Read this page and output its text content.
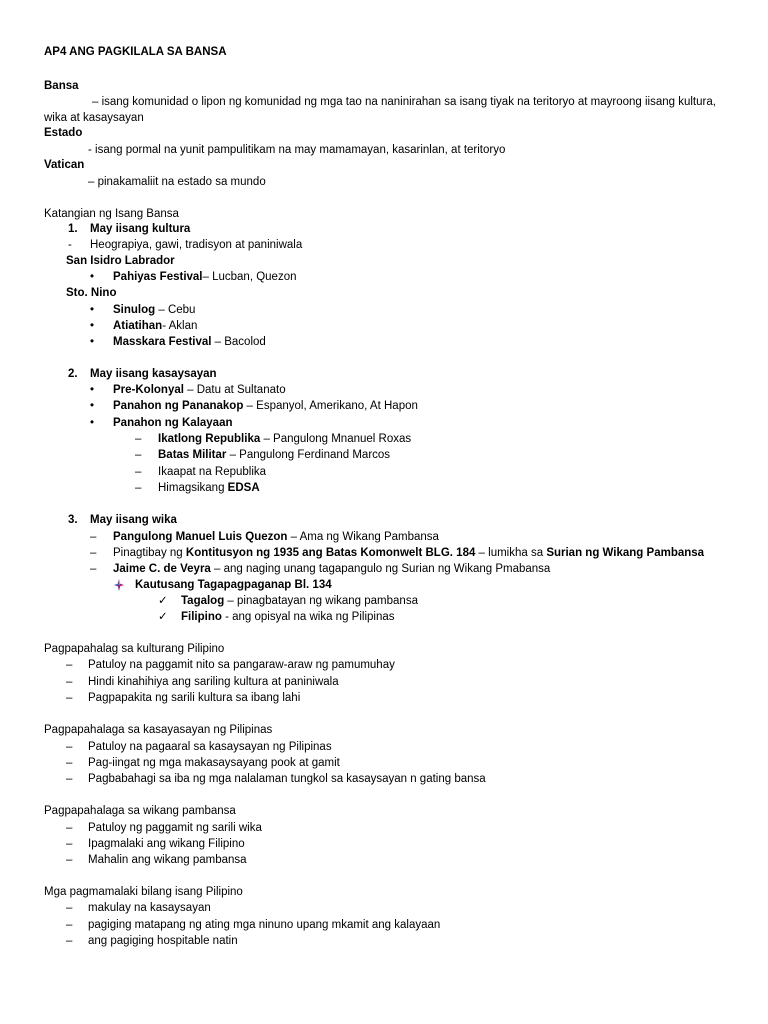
AP4 ANG PAGKILALA SA BANSA
Bansa
– isang komunidad o lipon ng komunidad ng mga tao na naninirahan sa isang tiyak na teritoryo at mayroong iisang kultura,
wika at kasaysayan
Estado
- isang pormal na yunit pampulitikam na may mamamayan, kasarinlan, at teritoryo
Vatican
– pinakamaliit na estado sa mundo
Katangian ng Isang Bansa
1. May iisang kultura
- Heograpiya, gawi, tradisyon at paniniwala
San Isidro Labrador
• Pahiyas Festival– Lucban, Quezon
Sto. Nino
• Sinulog – Cebu
• Atiatihan- Aklan
• Masskara Festival – Bacolod
2. May iisang kasaysayan
• Pre-Kolonyal – Datu at Sultanato
• Panahon ng Pananakop – Espanyol, Amerikano, At Hapon
• Panahon ng Kalayaan
– Ikatlong Republika – Pangulong Mnanuel Roxas
– Batas Militar – Pangulong Ferdinand Marcos
– Ikaapat na Republika
– Himagsikang EDSA
3. May iisang wika
– Pangulong Manuel Luis Quezon – Ama ng Wikang Pambansa
– Pinagtibay ng Kontitusyon ng 1935 ang Batas Komonwelt BLG. 184 – lumikha sa Surian ng Wikang Pambansa
– Jaime C. de Veyra – ang naging unang tagapangulo ng Surian ng Wikang Pmabansa
Kautusang Tagapagpaganap Bl. 134
✓ Tagalog – pinagbatayan ng wikang pambansa
✓ Filipino - ang opisyal na wika ng Pilipinas
Pagpapahalag sa kulturang Pilipino
– Patuloy na paggamit nito sa pangaraw-araw ng pamumuhay
– Hindi kinahihiya ang sariling kultura at paniniwala
– Pagpapakita ng sarili kultura sa ibang lahi
Pagpapahalaga sa kasayasayan ng Pilipinas
– Patuloy na pagaaral sa kasaysayan ng Pilipinas
– Pag-iingat ng mga makasaysayang pook at gamit
– Pagbabahagi sa iba ng mga nalalaman tungkol sa kasaysayan n gating bansa
Pagpapahalaga sa wikang pambansa
– Patuloy ng paggamit ng sarili wika
– Ipagmalaki ang wikang Filipino
– Mahalin ang wikang pambansa
Mga pagmamalaki bilang isang Pilipino
– makulay na kasaysayan
– pagiging matapang ng ating mga ninuno upang mkamit ang kalayaan
– ang pagiging hospitable natin
